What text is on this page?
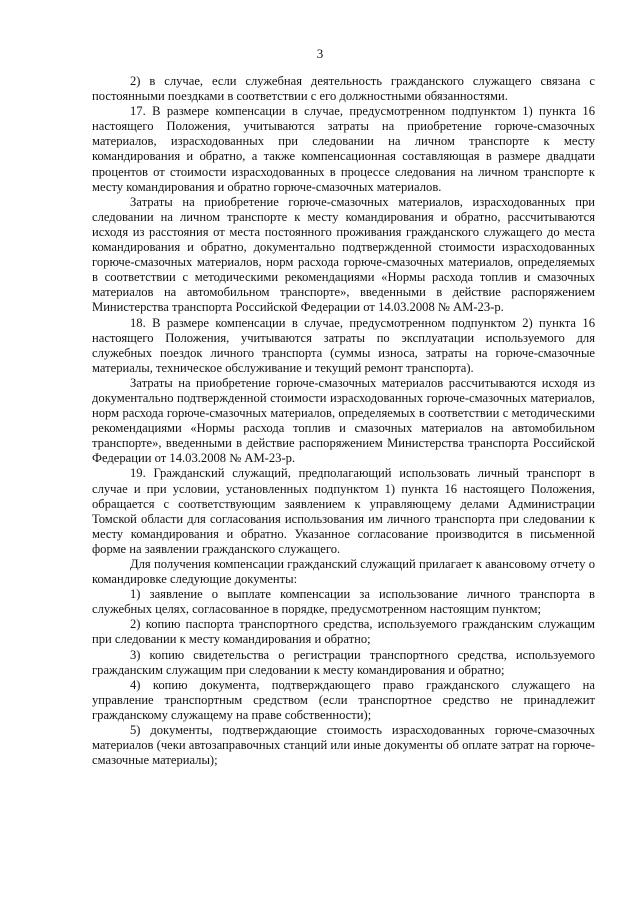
3

2) в случае, если служебная деятельность гражданского служащего связана с постоянными поездками в соответствии с его должностными обязанностями.

17. В размере компенсации в случае, предусмотренном подпунктом 1) пункта 16 настоящего Положения, учитываются затраты на приобретение горюче-смазочных материалов, израсходованных при следовании на личном транспорте к месту командирования и обратно, а также компенсационная составляющая в размере двадцати процентов от стоимости израсходованных в процессе следования на личном транспорте к месту командирования и обратно горюче-смазочных материалов.

Затраты на приобретение горюче-смазочных материалов, израсходованных при следовании на личном транспорте к месту командирования и обратно, рассчитываются исходя из расстояния от места постоянного проживания гражданского служащего до места командирования и обратно, документально подтвержденной стоимости израсходованных горюче-смазочных материалов, норм расхода горюче-смазочных материалов, определяемых в соответствии с методическими рекомендациями «Нормы расхода топлив и смазочных материалов на автомобильном транспорте», введенными в действие распоряжением Министерства транспорта Российской Федерации от 14.03.2008 № АМ-23-р.

18. В размере компенсации в случае, предусмотренном подпунктом 2) пункта 16 настоящего Положения, учитываются затраты по эксплуатации используемого для служебных поездок личного транспорта (суммы износа, затраты на горюче-смазочные материалы, техническое обслуживание и текущий ремонт транспорта).

Затраты на приобретение горюче-смазочных материалов рассчитываются исходя из документально подтвержденной стоимости израсходованных горюче-смазочных материалов, норм расхода горюче-смазочных материалов, определяемых в соответствии с методическими рекомендациями «Нормы расхода топлив и смазочных материалов на автомобильном транспорте», введенными в действие распоряжением Министерства транспорта Российской Федерации от 14.03.2008 № АМ-23-р.

19. Гражданский служащий, предполагающий использовать личный транспорт в случае и при условии, установленных подпунктом 1) пункта 16 настоящего Положения, обращается с соответствующим заявлением к управляющему делами Администрации Томской области для согласования использования им личного транспорта при следовании к месту командирования и обратно. Указанное согласование производится в письменной форме на заявлении гражданского служащего.

Для получения компенсации гражданский служащий прилагает к авансовому отчету о командировке следующие документы:

1) заявление о выплате компенсации за использование личного транспорта в служебных целях, согласованное в порядке, предусмотренном настоящим пунктом;

2) копию паспорта транспортного средства, используемого гражданским служащим при следовании к месту командирования и обратно;

3) копию свидетельства о регистрации транспортного средства, используемого гражданским служащим при следовании к месту командирования и обратно;

4) копию документа, подтверждающего право гражданского служащего на управление транспортным средством (если транспортное средство не принадлежит гражданскому служащему на праве собственности);

5) документы, подтверждающие стоимость израсходованных горюче-смазочных материалов (чеки автозаправочных станций или иные документы об оплате затрат на горюче-смазочные материалы);
